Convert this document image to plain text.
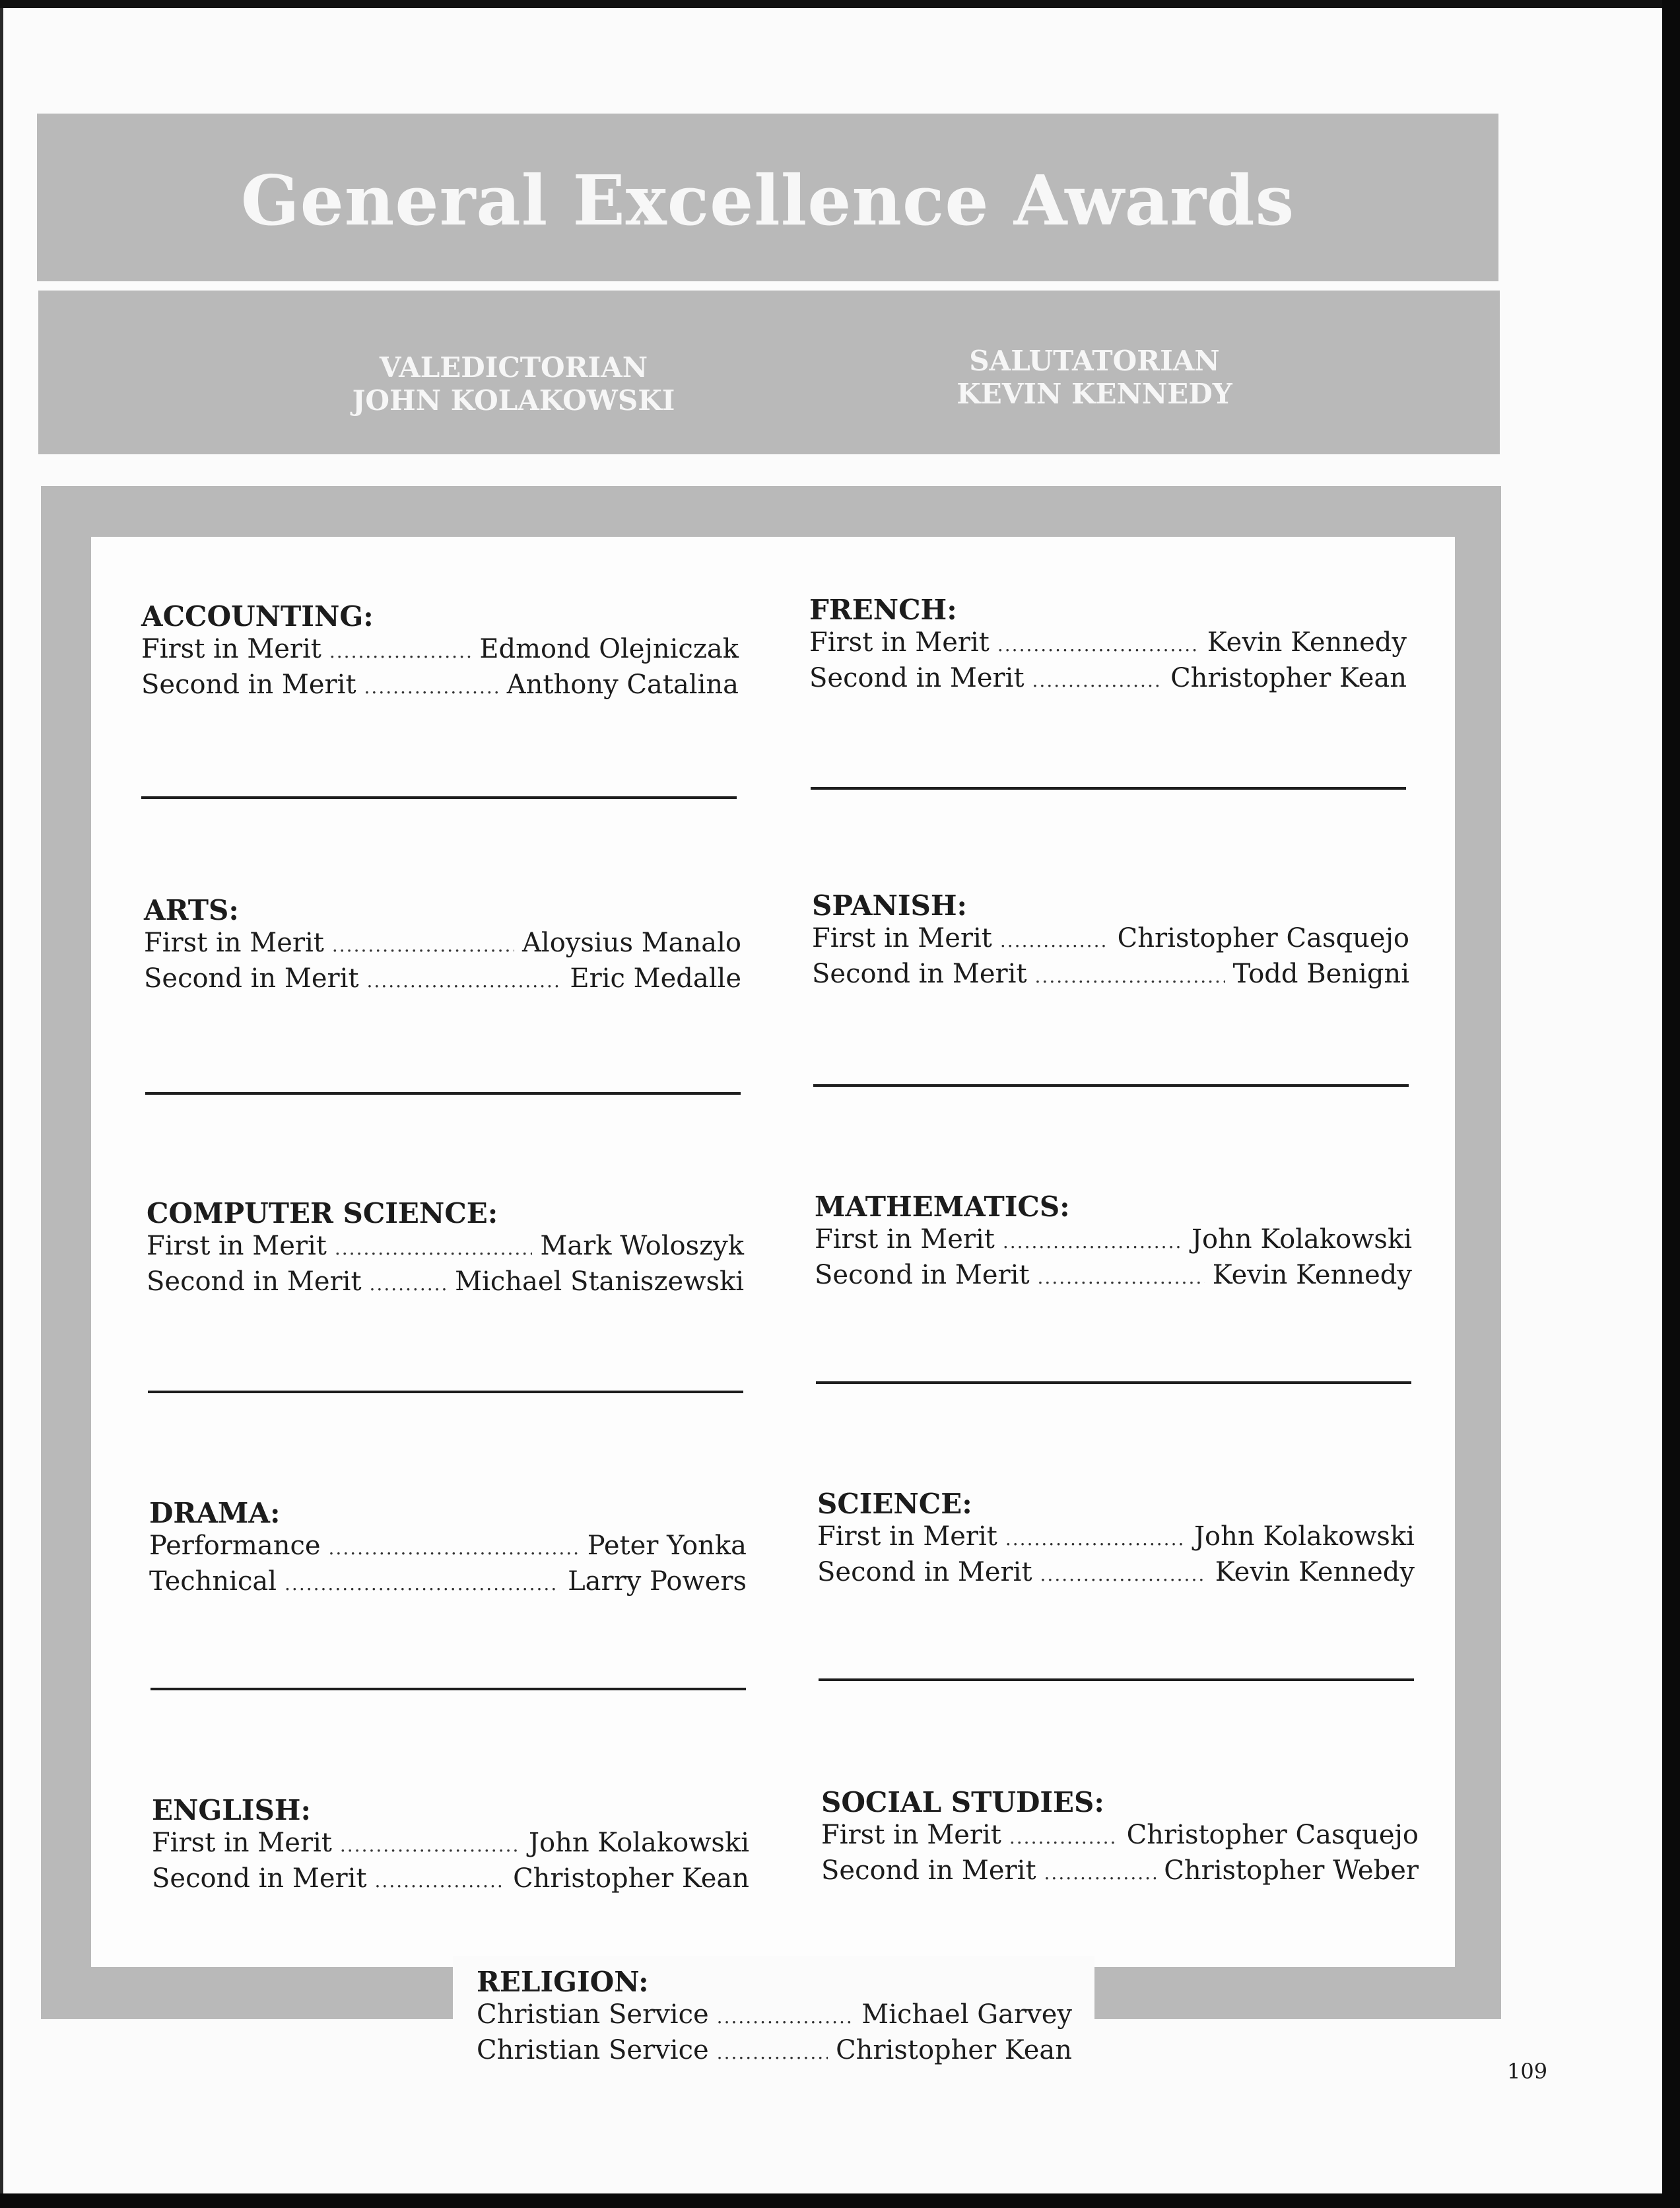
General Excellence Awards
VALEDICTORIAN
JOHN KOLAKOWSKI
SALUTATORIAN
KEVIN KENNEDY
ACCOUNTING:
First in Merit .....	Edmond Olejniczak
Second in Merit .....	Anthony Catalina
FRENCH:
First in Merit .....	Kevin Kennedy
Second in Merit .....	Christopher Kean
ARTS:
First in Merit .....	Aloysius Manalo
Second in Merit .....	Eric Medalle
SPANISH:
First in Merit .....	Christopher Casquejo
Second in Merit .....	Todd Benigni
COMPUTER SCIENCE:
First in Merit .....	Mark Woloszyk
Second in Merit .....	Michael Staniszewski
MATHEMATICS:
First in Merit .....	John Kolakowski
Second in Merit .....	Kevin Kennedy
DRAMA:
Performance .....	Peter Yonka
Technical .....	Larry Powers
SCIENCE:
First in Merit .....	John Kolakowski
Second in Merit .....	Kevin Kennedy
ENGLISH:
First in Merit .....	John Kolakowski
Second in Merit .....	Christopher Kean
SOCIAL STUDIES:
First in Merit .....	Christopher Casquejo
Second in Merit .....	Christopher Weber
RELIGION:
Christian Service .....	Michael Garvey
Christian Service .....	Christopher Kean
109
